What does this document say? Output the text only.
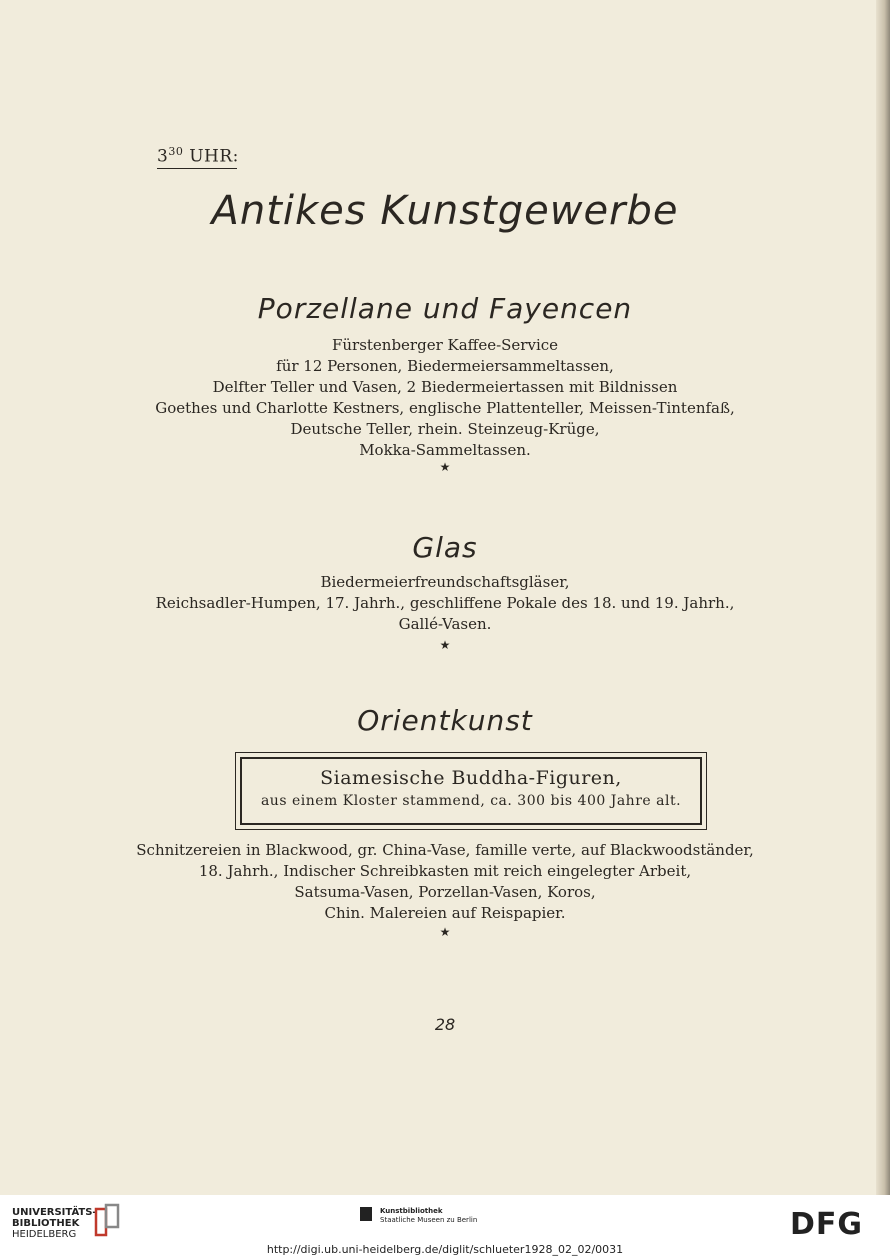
$3^{30}$ UHR:
Antikes Kunstgewerbe
Porzellane und Fayencen
Fürstenberger Kaffee-Service
für 12 Personen, Biedermeiersammeltassen,
Delfter Teller und Vasen, 2 Biedermeiertassen mit Bildnissen
Goethes und Charlotte Kestners, englische Plattenteller, Meissen-Tintenfaß,
Deutsche Teller, rhein. Steinzeug-Krüge,
Mokka-Sammeltassen.
★
Glas
Biedermeierfreundschaftsgläser,
Reichsadler-Humpen, 17. Jahrh., geschliffene Pokale des 18. und 19. Jahrh.,
Gallé-Vasen.
★
Orientkunst
Siamesische Buddha-Figuren,
aus einem Kloster stammend, ca. 300 bis 400 Jahre alt.
Schnitzereien in Blackwood, gr. China-Vase, famille verte, auf Blackwoodständer,
18. Jahrh., Indischer Schreibkasten mit reich eingelegter Arbeit,
Satsuma-Vasen, Porzellan-Vasen, Koros,
Chin. Malereien auf Reispapier.
★
28
UNIVERSITÄTS-
BIBLIOTHEK
HEIDELBERG
Kunstbibliothek
Staatliche Museen zu Berlin	DFG
http://digi.ub.uni-heidelberg.de/diglit/schlueter1928_02_02/0031
